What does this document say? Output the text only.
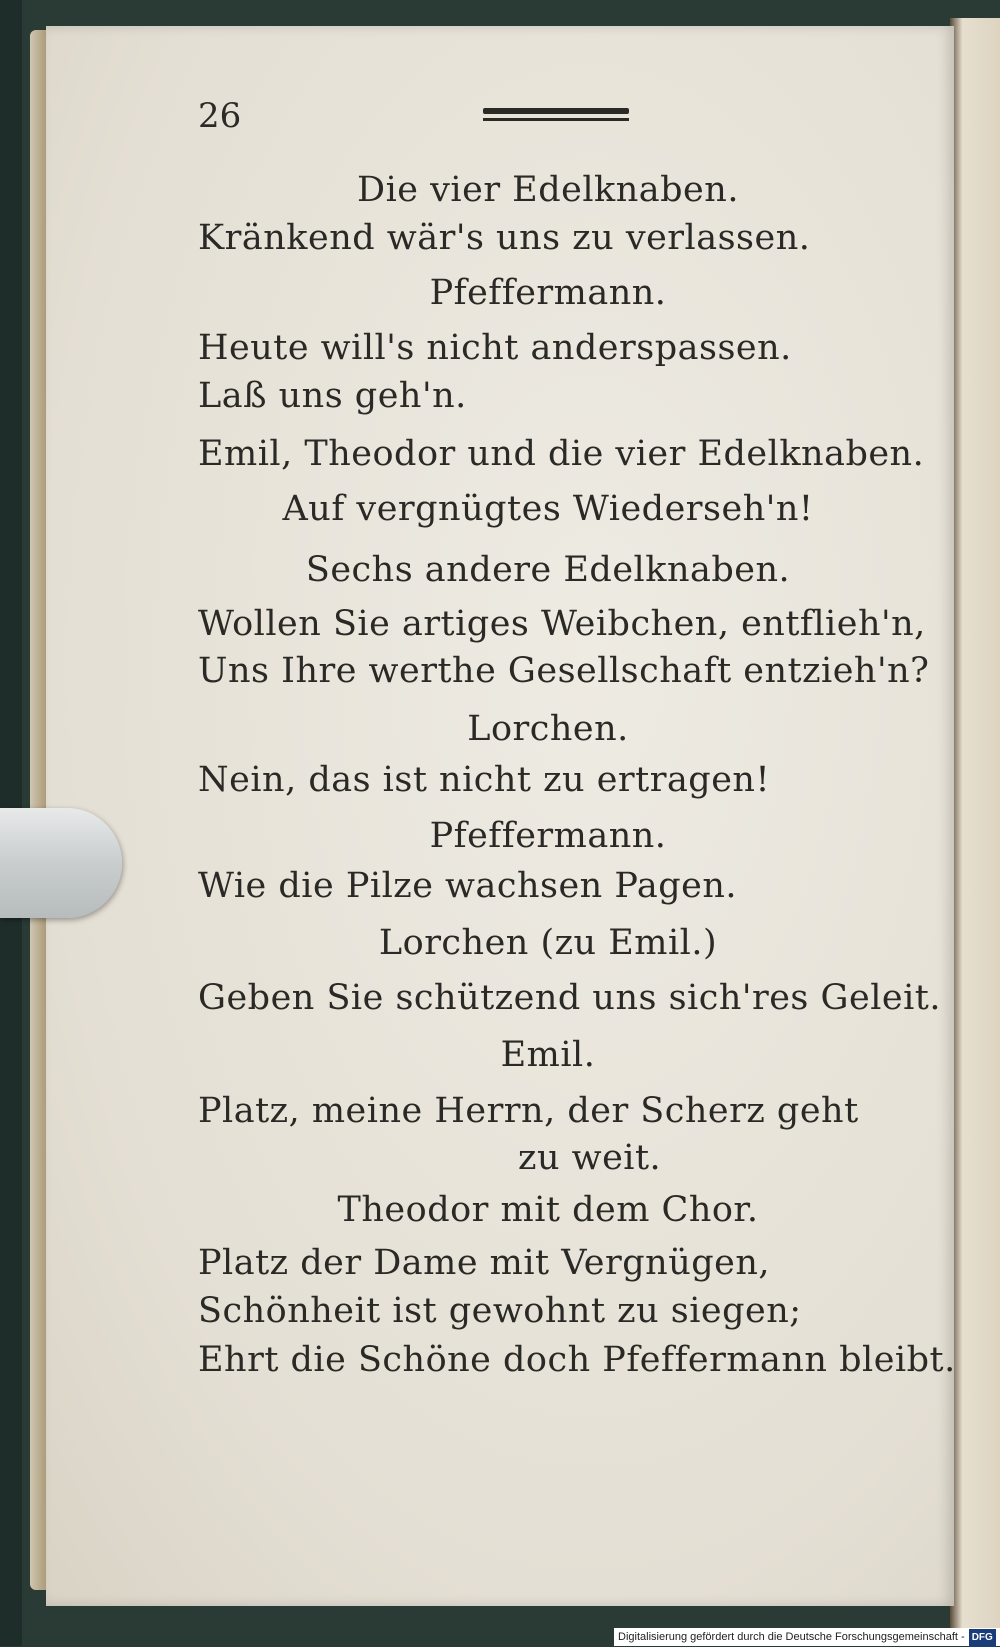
26
Die vier Edelknaben.
Kränkend wär's uns zu verlassen.
Pfeffermann.
Heute will's nicht anderspassen.
Laß uns geh'n.
Emil, Theodor und die vier Edelknaben.
Auf vergnügtes Wiederseh'n!
Sechs andere Edelknaben.
Wollen Sie artiges Weibchen, entflieh'n,
Uns Ihre werthe Gesellschaft entzieh'n?
Lorchen.
Nein, das ist nicht zu ertragen!
Pfeffermann.
Wie die Pilze wachsen Pagen.
Lorchen (zu Emil.)
Geben Sie schützend uns sich'res Geleit.
Emil.
Platz, meine Herrn, der Scherz geht
zu weit.
Theodor mit dem Chor.
Platz der Dame mit Vergnügen,
Schönheit ist gewohnt zu siegen;
Ehrt die Schöne doch Pfeffermann bleibt.
Digitalisierung gefördert durch die Deutsche Forschungsgemeinschaft - DFG
